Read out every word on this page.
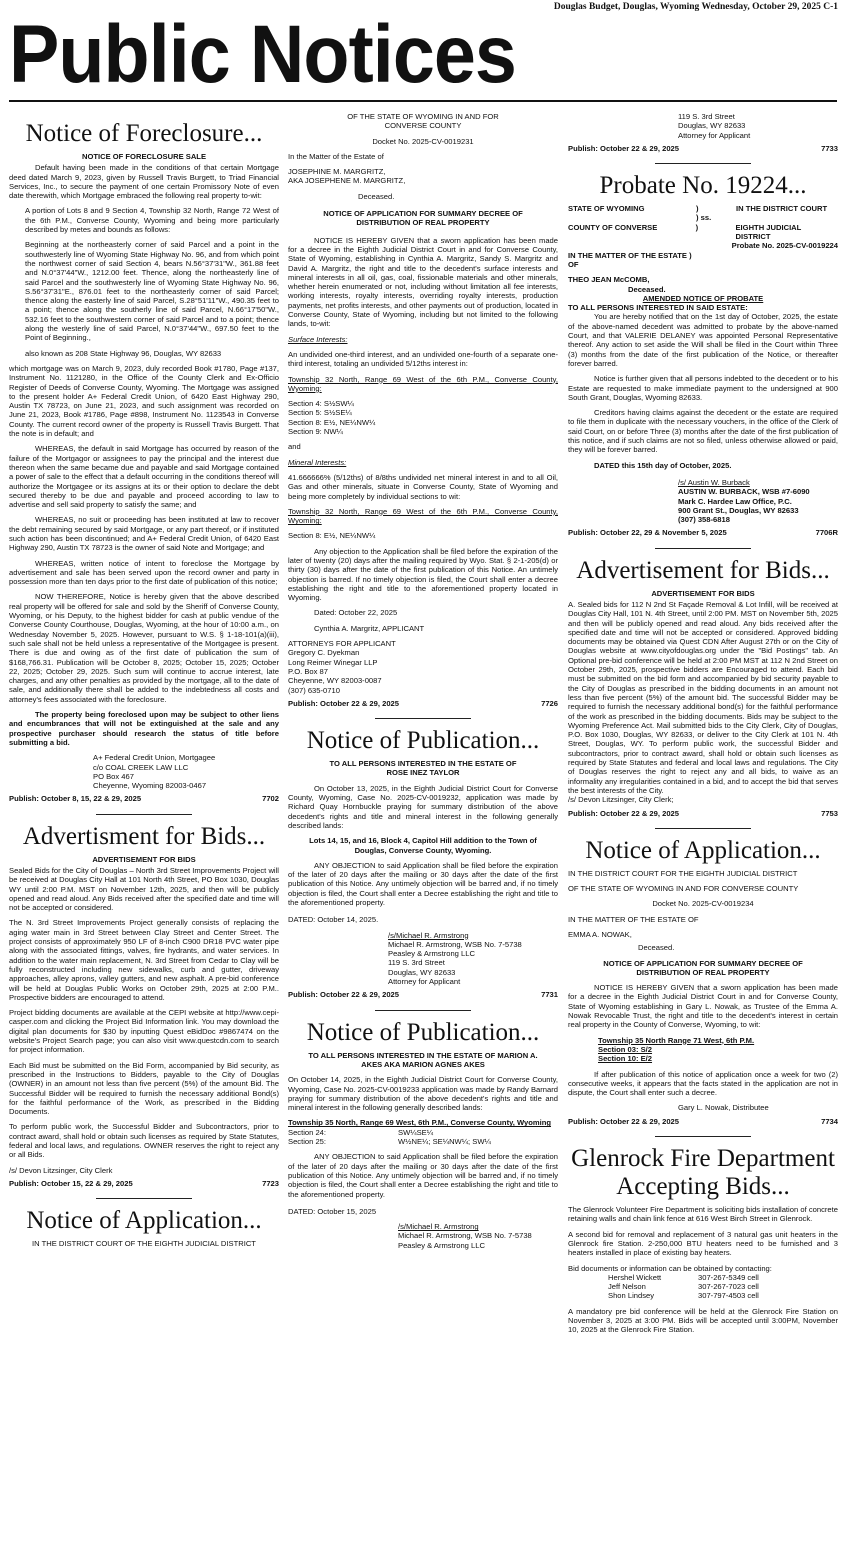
Douglas Budget, Douglas, Wyoming Wednesday, October 29, 2025 C-1
Public Notices
Notice of Foreclosure...
NOTICE OF FORECLOSURE SALE

Default having been made in the conditions of that certain Mortgage deed dated March 9, 2023, given by Russell Travis Burgett, to Triad Financial Services, Inc., to secure the payment of one certain Promissory Note of even date therewith, which Mortgage embraced the following real property to-wit:

A portion of Lots 8 and 9 Section 4, Township 32 North, Range 72 West of the 6th P.M., Converse County, Wyoming and being more particularly described by metes and bounds as follows:

Beginning at the northeasterly corner of said Parcel and a point in the southwesterly line of Wyoming State Highway No. 96, and from which point the northwest corner of said Section 4, bears N.56°37'31"W., 361.88 feet and N.0°37'44"W., 1212.00 feet. Thence, along the northeasterly line of said Parcel and the southwesterly line of Wyoming State Highway No. 96, S.56°37'31"E., 876.01 feet to the northeasterly corner of said Parcel; thence along the easterly line of said Parcel, S.28°51'11"W., 490.35 feet to a point; thence along the southerly line of said Parcel, N.66°17'50"W., 532.16 feet to the southwestern corner of said Parcel and to a point; thence along the westerly line of said Parcel, N.0°37'44"W., 697.50 feet to the Point of Beginning.,

also known as 208 State Highway 96, Douglas, WY 82633

which mortgage was on March 9, 2023, duly recorded Book #1780, Page #137, Instrument No. 1121280, in the Office of the County Clerk and Ex-Officio Register of Deeds of Converse County, Wyoming. The Mortgage was assigned to the present holder A+ Federal Credit Union, of 6420 East Highway 290, Austin TX 78723, on June 21, 2023, and such assignment was recorded on June 21, 2023, Book #1786, Page #898, Instrument No. 1123543 in Converse County. The current record owner of the property is Russell Travis Burgett. That the note is in default; and

WHEREAS, the default in said Mortgage has occurred by reason of the failure of the Mortgagor or assignees to pay the principal and the interest due thereon when the same became due and payable and said Mortgage contained a power of sale to the effect that a default occurring in the conditions thereof will authorize the Mortgagee or its assigns at its or their option to declare the debt secured thereby to be due and payable and proceed according to law to advertise and sell said property to satisfy the same; and

WHEREAS, no suit or proceeding has been instituted at law to recover the debt remaining secured by said Mortgage, or any part thereof, or if instituted such action has been discontinued; and A+ Federal Credit Union, of 6420 East Highway 290, Austin TX 78723 is the owner of said Note and Mortgage; and

WHEREAS, written notice of intent to foreclose the Mortgage by advertisement and sale has been served upon the record owner and party in possession more than ten days prior to the first date of publication of this notice;

NOW THEREFORE, Notice is hereby given that the above described real property will be offered for sale and sold by the Sheriff of Converse County, Wyoming, or his Deputy, to the highest bidder for cash at public vendue of the Converse County Courthouse, Douglas, Wyoming, at the hour of 10:00 a.m., on Wednesday November 5, 2025. However, pursuant to W.S. § 1-18-101(a)(iii), such sale shall not be held unless a representative of the Mortgagee is present. There is due and owing as of the first date of publication the sum of $168,766.31. Publication will be October 8, 2025; October 15, 2025; October 22, 2025; October 29, 2025. Such sum will continue to accrue interest, late charges, and any other penalties as provided by the mortgage, all to the date of sale, and additionally there shall be added to the indebtedness all costs and attorney's fees associated with the foreclosure.

The property being foreclosed upon may be subject to other liens and encumbrances that will not be extinguished at the sale and any prospective purchaser should research the status of title before submitting a bid.

A+ Federal Credit Union, Mortgagee
c/o COAL CREEK LAW LLC
PO Box 467
Cheyenne, Wyoming 82003-0467
Publish: October 8, 15, 22 & 29, 2025	7702
Advertisment for Bids...
ADVERTISEMENT FOR BIDS

Sealed Bids for the City of Douglas – North 3rd Street Improvements Project will be received at Douglas City Hall at 101 North 4th Street, PO Box 1030, Douglas WY until 2:00 P.M. MST on November 12th, 2025, and then will be publicly opened and read aloud. Any Bids received after the specified date and time will not be accepted or considered.

The N. 3rd Street Improvements Project generally consists of replacing the aging water main in 3rd Street between Clay Street and Center Street. The project consists of approximately 950 LF of 8-inch C900 DR18 PVC water pipe along with the associated fittings, valves, fire hydrants, and water services. In addition to the water main replacement, N. 3rd Street from Cedar to Clay will be fully reconstructed including new sidewalks, curb and gutter, driveway approaches, alley aprons, valley gutters, and new asphalt. A pre-bid conference will be held at Douglas Public Works on October 29th, 2025 at 2:00 P.M.. Prospective bidders are encouraged to attend.

Project bidding documents are available at the CEPI website at http://www.cepi-casper.com and clicking the Project Bid Information link. You may download the digital plan documents for $30 by inputting Quest eBidDoc #9867474 on the website's Project Search page; you can also visit www.questcdn.com to search for project information.

Each Bid must be submitted on the Bid Form, accompanied by Bid security, as prescribed in the Instructions to Bidders, payable to the City of Douglas (OWNER) in an amount not less than five percent (5%) of the amount Bid. The Successful Bidder will be required to furnish the necessary additional Bond(s) for the faithful performance of the Work, as prescribed in the Bidding Documents.

To perform public work, the Successful Bidder and Subcontractors, prior to contract award, shall hold or obtain such licenses as required by State Statutes, federal and local laws, and regulations. OWNER reserves the right to reject any or all Bids.

/s/ Devon Litzsinger, City Clerk
Publish: October 15, 22 & 29, 2025	7723
Notice of Application...
IN THE DISTRICT COURT OF THE EIGHTH JUDICIAL DISTRICT
OF THE STATE OF WYOMING IN AND FOR
CONVERSE COUNTY
Docket No. 2025-CV-0019231
In the Matter of the Estate of
JOSEPHINE M. MARGRITZ,
AKA JOSEPHENE M. MARGRITZ,
Deceased.
NOTICE OF APPLICATION FOR SUMMARY DECREE OF DISTRIBUTION OF REAL PROPERTY

NOTICE IS HEREBY GIVEN that a sworn application has been made for a decree in the Eighth Judicial District Court in and for Converse County, State of Wyoming, establishing in Cynthia A. Margritz, Sandy S. Margritz and David A. Margritz, the right and title to the decedent's surface interests and mineral interests in all oil, gas, coal, fissionable materials and other minerals, whether herein enumerated or not, including without limitation all fee interests, working interests, royalty interests, overriding royalty interests, production payments, net profits interests, and other payments out of production, located in Converse County, State of Wyoming, including but not limited to the following lands, to-wit:

Surface Interests:

An undivided one-third interest, and an undivided one-fourth of a separate one-third interest, totaling an undivided 5/12ths interest in:

Township 32 North, Range 69 West of the 6th P.M., Converse County, Wyoming:

Section 4: S½SW¼
Section 5: S½SE¼
Section 8: E½, NE¼NW¼
Section 9: NW¼

and

Mineral Interests:

41.666666% (5/12ths) of 8/8ths undivided net mineral interest in and to all Oil, Gas and other minerals, situate in Converse County, State of Wyoming and being more completely by individual sections to wit:

Township 32 North, Range 69 West of the 6th P.M., Converse County, Wyoming:

Section 8: E½, NE¼NW¼

Any objection to the Application shall be filed before the expiration of the later of twenty (20) days after the mailing required by Wyo. Stat. § 2-1-205(d) or thirty (30) days after the date of the first publication of this Notice. An untimely objection is barred. If no timely objection is filed, the Court shall enter a decree establishing the right and title to the aforementioned property located in Wyoming.

Dated: October 22, 2025

Cynthia A. Margritz, APPLICANT

ATTORNEYS FOR APPLICANT
Gregory C. Dyekman
Long Reimer Winegar LLP
P.O. Box 87
Cheyenne, WY 82003-0087
(307) 635-0710
Publish: October 22 & 29, 2025	7726
Notice of Publication...
TO ALL PERSONS INTERESTED IN THE ESTATE OF ROSE INEZ TAYLOR

On October 13, 2025, in the Eighth Judicial District Court for Converse County, Wyoming, Case No. 2025-CV-0019232, application was made by Richard Quay Hornbuckle praying for summary distribution of the above decedent's rights and title and mineral interest in the following generally described lands:

Lots 14, 15, and 16, Block 4, Capitol Hill addition to the Town of Douglas, Converse County, Wyoming.

ANY OBJECTION to said Application shall be filed before the expiration of the later of 20 days after the mailing or 30 days after the date of the first publication of this Notice. Any untimely objection will be barred and, if no timely objection is filed, the Court shall enter a Decree establishing the right and title to the aforementioned property.

DATED: October 14, 2025.

/s/Michael R. Armstrong
Michael R. Armstrong, WSB No. 7-5738
Peasley & Armstrong LLC
119 S. 3rd Street
Douglas, WY 82633
Attorney for Applicant
Publish: October 22 & 29, 2025	7731
Notice of Publication...
TO ALL PERSONS INTERESTED IN THE ESTATE OF MARION A. AKES AKA MARION AGNES AKES

On October 14, 2025, in the Eighth Judicial District Court for Converse County, Wyoming, Case No. 2025-CV-0019233 application was made by Randy Barnard praying for summary distribution of the above decedent's rights and title and mineral interest in the following generally described lands:

Township 35 North, Range 69 West, 6th P.M., Converse County, Wyoming
Section 24:	SW¼SE¼
Section 25:	W½NE¼; SE¼NW¼; SW¼

ANY OBJECTION to said Application shall be filed before the expiration of the later of 20 days after the mailing or 30 days after the date of the first publication of this Notice. Any untimely objection will be barred and, if no timely objection is filed, the Court shall enter a Decree establishing the right and title to the aforementioned property.

DATED: October 15, 2025

/s/Michael R. Armstrong
Michael R. Armstrong, WSB No. 7-5738
Peasley & Armstrong LLC
119 S. 3rd Street
Douglas, WY 82633
Attorney for Applicant
Publish: October 22 & 29, 2025	7733
Probate No. 19224...
STATE OF WYOMING	)	IN THE DISTRICT COURT
) ss.
COUNTY OF CONVERSE	)	EIGHTH JUDICIAL DISTRICT
Probate No. 2025-CV-0019224
IN THE MATTER OF THE ESTATE )
OF
THEO JEAN McCOMB,
Deceased.
AMENDED NOTICE OF PROBATE
TO ALL PERSONS INTERESTED IN SAID ESTATE:

You are hereby notified that on the 1st day of October, 2025, the estate of the above-named decedent was admitted to probate by the above-named Court, and that VALERIE DELANEY was appointed Personal Representative thereof. Any action to set aside the Will shall be filed in the Court within Three (3) months from the date of the first publication of the Notice, or thereafter forever barred.

Notice is further given that all persons indebted to the decedent or to his Estate are requested to make immediate payment to the undersigned at 900 South Grant, Douglas, Wyoming 82633.

Creditors having claims against the decedent or the estate are required to file them in duplicate with the necessary vouchers, in the office of the Clerk of said Court, on or before Three (3) months after the date of the first publication of this notice, and if such claims are not so filed, unless otherwise allowed or paid, they will be forever barred.

DATED this 15th day of October, 2025.

/s/ Austin W. Burback
AUSTIN W. BURBACK, WSB #7-6090
Mark C. Hardee Law Office, P.C.
900 Grant St., Douglas, WY 82633
(307) 358-6818
Publish: October 22, 29 & November 5, 2025	7706R
Advertisement for Bids...
ADVERTISEMENT FOR BIDS

A. Sealed bids for 112 N 2nd St Façade Removal & Lot Infill, will be received at Douglas City Hall, 101 N. 4th Street, until 2:00 PM. MST on November 5th, 2025 and then will be publicly opened and read aloud. Any bids received after the specified date and time will not be accepted or considered. Approved bidding documents may be obtained via Quest CDN After August 27th or on the City of Douglas website at www.cityofdouglas.org under the "Bid Postings" tab. An Optional pre-bid conference will be held at 2:00 PM MST at 112 N 2nd Street on October 29th, 2025, prospective bidders are Encouraged to attend. Each bid must be submitted on the bid form and accompanied by bid security payable to the City of Douglas as prescribed in the bidding documents in an amount not less than five percent (5%) of the amount bid. The successful Bidder may be required to furnish the necessary additional bond(s) for the faithful performance of the work as prescribed in the bidding documents. Bids may be subject to the Wyoming Preference Act. Mail submitted bids to the City Clerk, City of Douglas, P.O. Box 1030, Douglas, WY 82633, or deliver to the City Clerk at 101 N. 4th Street, Douglas, WY. To perform public work, the successful Bidder and subcontractors, prior to contract award, shall hold or obtain such licenses as required by State Statutes and federal and local laws and regulations. The City of Douglas reserves the right to reject any and all bids, to waive as an informality any irregularities contained in a bid, and to accept the bid that serves the best interests of the City.

/s/ Devon Litzsinger, City Clerk;
Publish: October 22 & 29, 2025	7753
Notice of Application...
IN THE DISTRICT COURT FOR THE EIGHTH JUDICIAL DISTRICT
OF THE STATE OF WYOMING IN AND FOR CONVERSE COUNTY
Docket No. 2025-CV-0019234
IN THE MATTER OF THE ESTATE OF
EMMA A. NOWAK,
Deceased.
NOTICE OF APPLICATION FOR SUMMARY DECREE OF DISTRIBUTION OF REAL PROPERTY

NOTICE IS HEREBY GIVEN that a sworn application has been made for a decree in the Eighth Judicial District Court in and for Converse County, State of Wyoming establishing in Gary L. Nowak, as Trustee of the Emma A. Nowak Revocable Trust, the right and title to the decedent's interest in certain real property in the County of Converse, Wyoming, to wit:

Township 35 North Range 71 West, 6th P.M.
Section 03: S/2
Section 10: E/2

If after publication of this notice of application once a week for two (2) consecutive weeks, it appears that the facts stated in the application are not in dispute, the Court shall enter such a decree.

Gary L. Nowak, Distributee
Publish: October 22 & 29, 2025	7734
Glenrock Fire Department Accepting Bids...

The Glenrock Volunteer Fire Department is soliciting bids installation of concrete retaining walls and chain link fence at 616 West Birch Street in Glenrock.

A second bid for removal and replacement of 3 natural gas unit heaters in the Glenrock fire Station. 2-250,000 BTU heaters need to be furnished and 3 heaters installed in place of existing bay heaters.

Bid documents or information can be obtained by contacting:

Hershel Wickett	307-267-5349 cell
Jeff Nelson	307-267-7023 cell
Shon Lindsey	307-797-4503 cell

A mandatory pre bid conference will be held at the Glenrock Fire Station on November 3, 2025 at 3:00 PM. Bids will be accepted until 3:00PM, November 10, 2025 at the Glenrock Fire Station.
